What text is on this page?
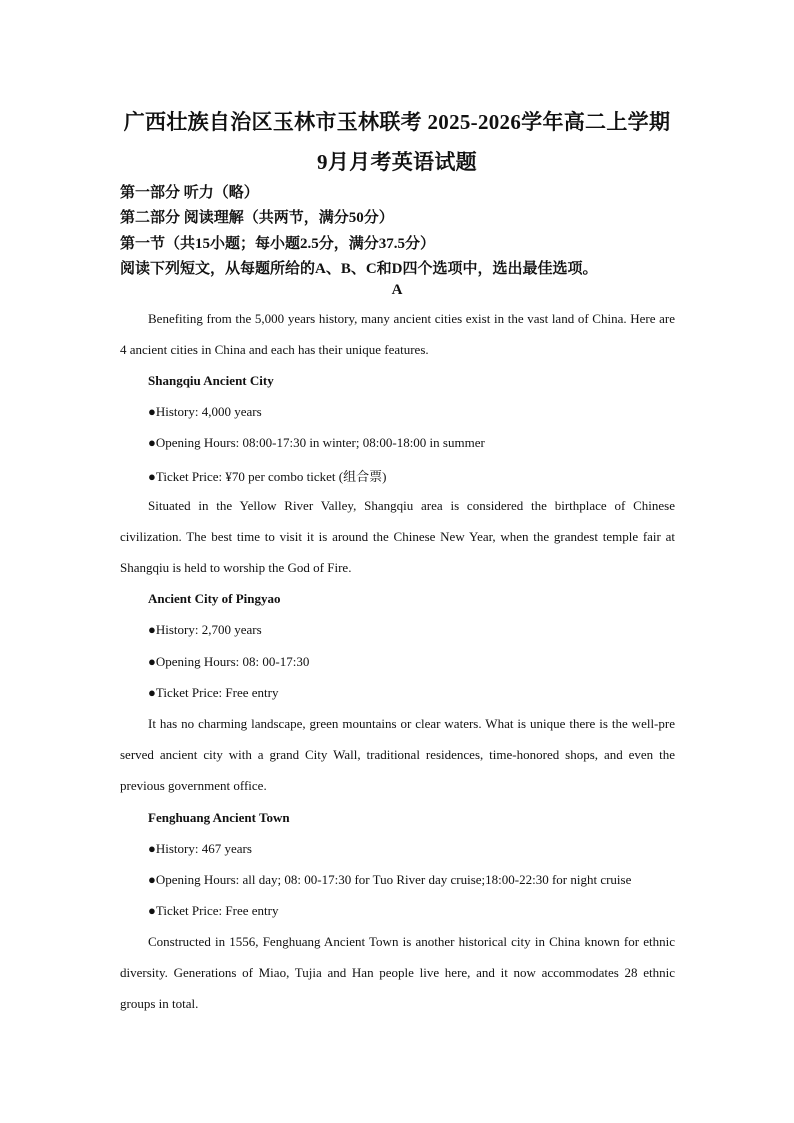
广西壮族自治区玉林市玉林联考 2025-2026学年高二上学期
9月月考英语试题
第一部分 听力（略）
第二部分 阅读理解（共两节，满分50分）
第一节（共15小题；每小题2.5分，满分37.5分）
阅读下列短文，从每题所给的A、B、C和D四个选项中，选出最佳选项。
A
Benefiting from the 5,000 years history, many ancient cities exist in the vast land of China. Here are 4 ancient cities in China and each has their unique features.
Shangqiu Ancient City
●History: 4,000 years
●Opening Hours: 08:00-17:30 in winter; 08:00-18:00 in summer
●Ticket Price: ¥70 per combo ticket (组合票)
Situated in the Yellow River Valley, Shangqiu area is considered the birthplace of Chinese civilization. The best time to visit it is around the Chinese New Year, when the grandest temple fair at Shangqiu is held to worship the God of Fire.
Ancient City of Pingyao
●History: 2,700 years
●Opening Hours: 08: 00-17:30
●Ticket Price: Free entry
It has no charming landscape, green mountains or clear waters. What is unique there is the well-pre served ancient city with a grand City Wall, traditional residences, time-honored shops, and even the previous government office.
Fenghuang Ancient Town
●History: 467 years
●Opening Hours: all day; 08: 00-17:30 for Tuo River day cruise;18:00-22:30 for night cruise
●Ticket Price: Free entry
Constructed in 1556, Fenghuang Ancient Town is another historical city in China known for ethnic diversity. Generations of Miao, Tujia and Han people live here, and it now accommodates 28 ethnic groups in total.
